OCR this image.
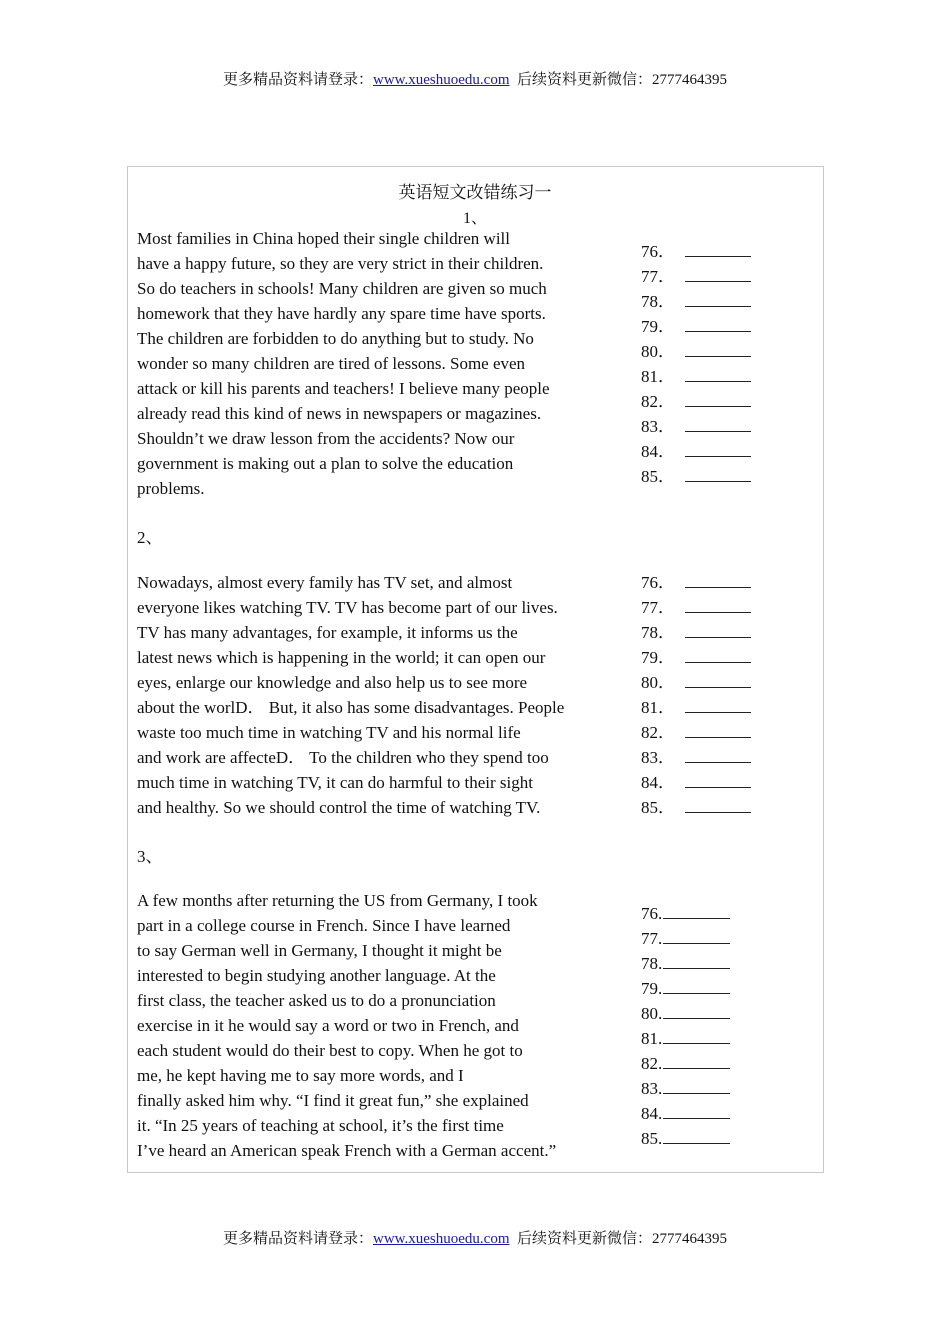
更多精品资料请登录：www.xueshuoedu.com 后续资料更新微信：2777464395
英语短文改错练习一
1、
Most families in China hoped their single children will
have a happy future, so they are very strict in their children.
So do teachers in schools! Many children are given so much
homework that they have hardly any spare time have sports.
The children are forbidden to do anything but to study. No
wonder so many children are tired of lessons. Some even
attack or kill his parents and teachers! I believe many people
already read this kind of news in newspapers or magazines.
Shouldn’t we draw lesson from the accidents? Now our
government is making out a plan to solve the education
problems.
76．
77．
78．
79．
80．
81．
82．
83．
84．
85．
2、
Nowadays, almost every family has TV set, and almost
everyone likes watching TV. TV has become part of our lives.
TV has many advantages, for example, it informs us the
latest news which is happening in the world; it can open our
eyes, enlarge our knowledge and also help us to see more
about the worlD． But, it also has some disadvantages. People
waste too much time in watching TV and his normal life
and work are affecteD． To the children who they spend too
much time in watching TV, it can do harmful to their sight
and healthy. So we should control the time of watching TV.
76．
77．
78．
79．
80．
81．
82．
83．
84．
85．
3、
A few months after returning the US from Germany, I took
part in a college course in French. Since I have learned
to say German well in Germany, I thought it might be
interested to begin studying another language. At the
first class, the teacher asked us to do a pronunciation
exercise in it he would say a word or two in French, and
each student would do their best to copy. When he got to
me, he kept having me to say more words, and I
finally asked him why. “I find it great fun,” she explained
it. “In 25 years of teaching at school, it’s the first time
I’ve heard an American speak French with a German accent.”
76.
77.
78.
79.
80.
81.
82.
83.
84.
85.
更多精品资料请登录：www.xueshuoedu.com 后续资料更新微信：2777464395
